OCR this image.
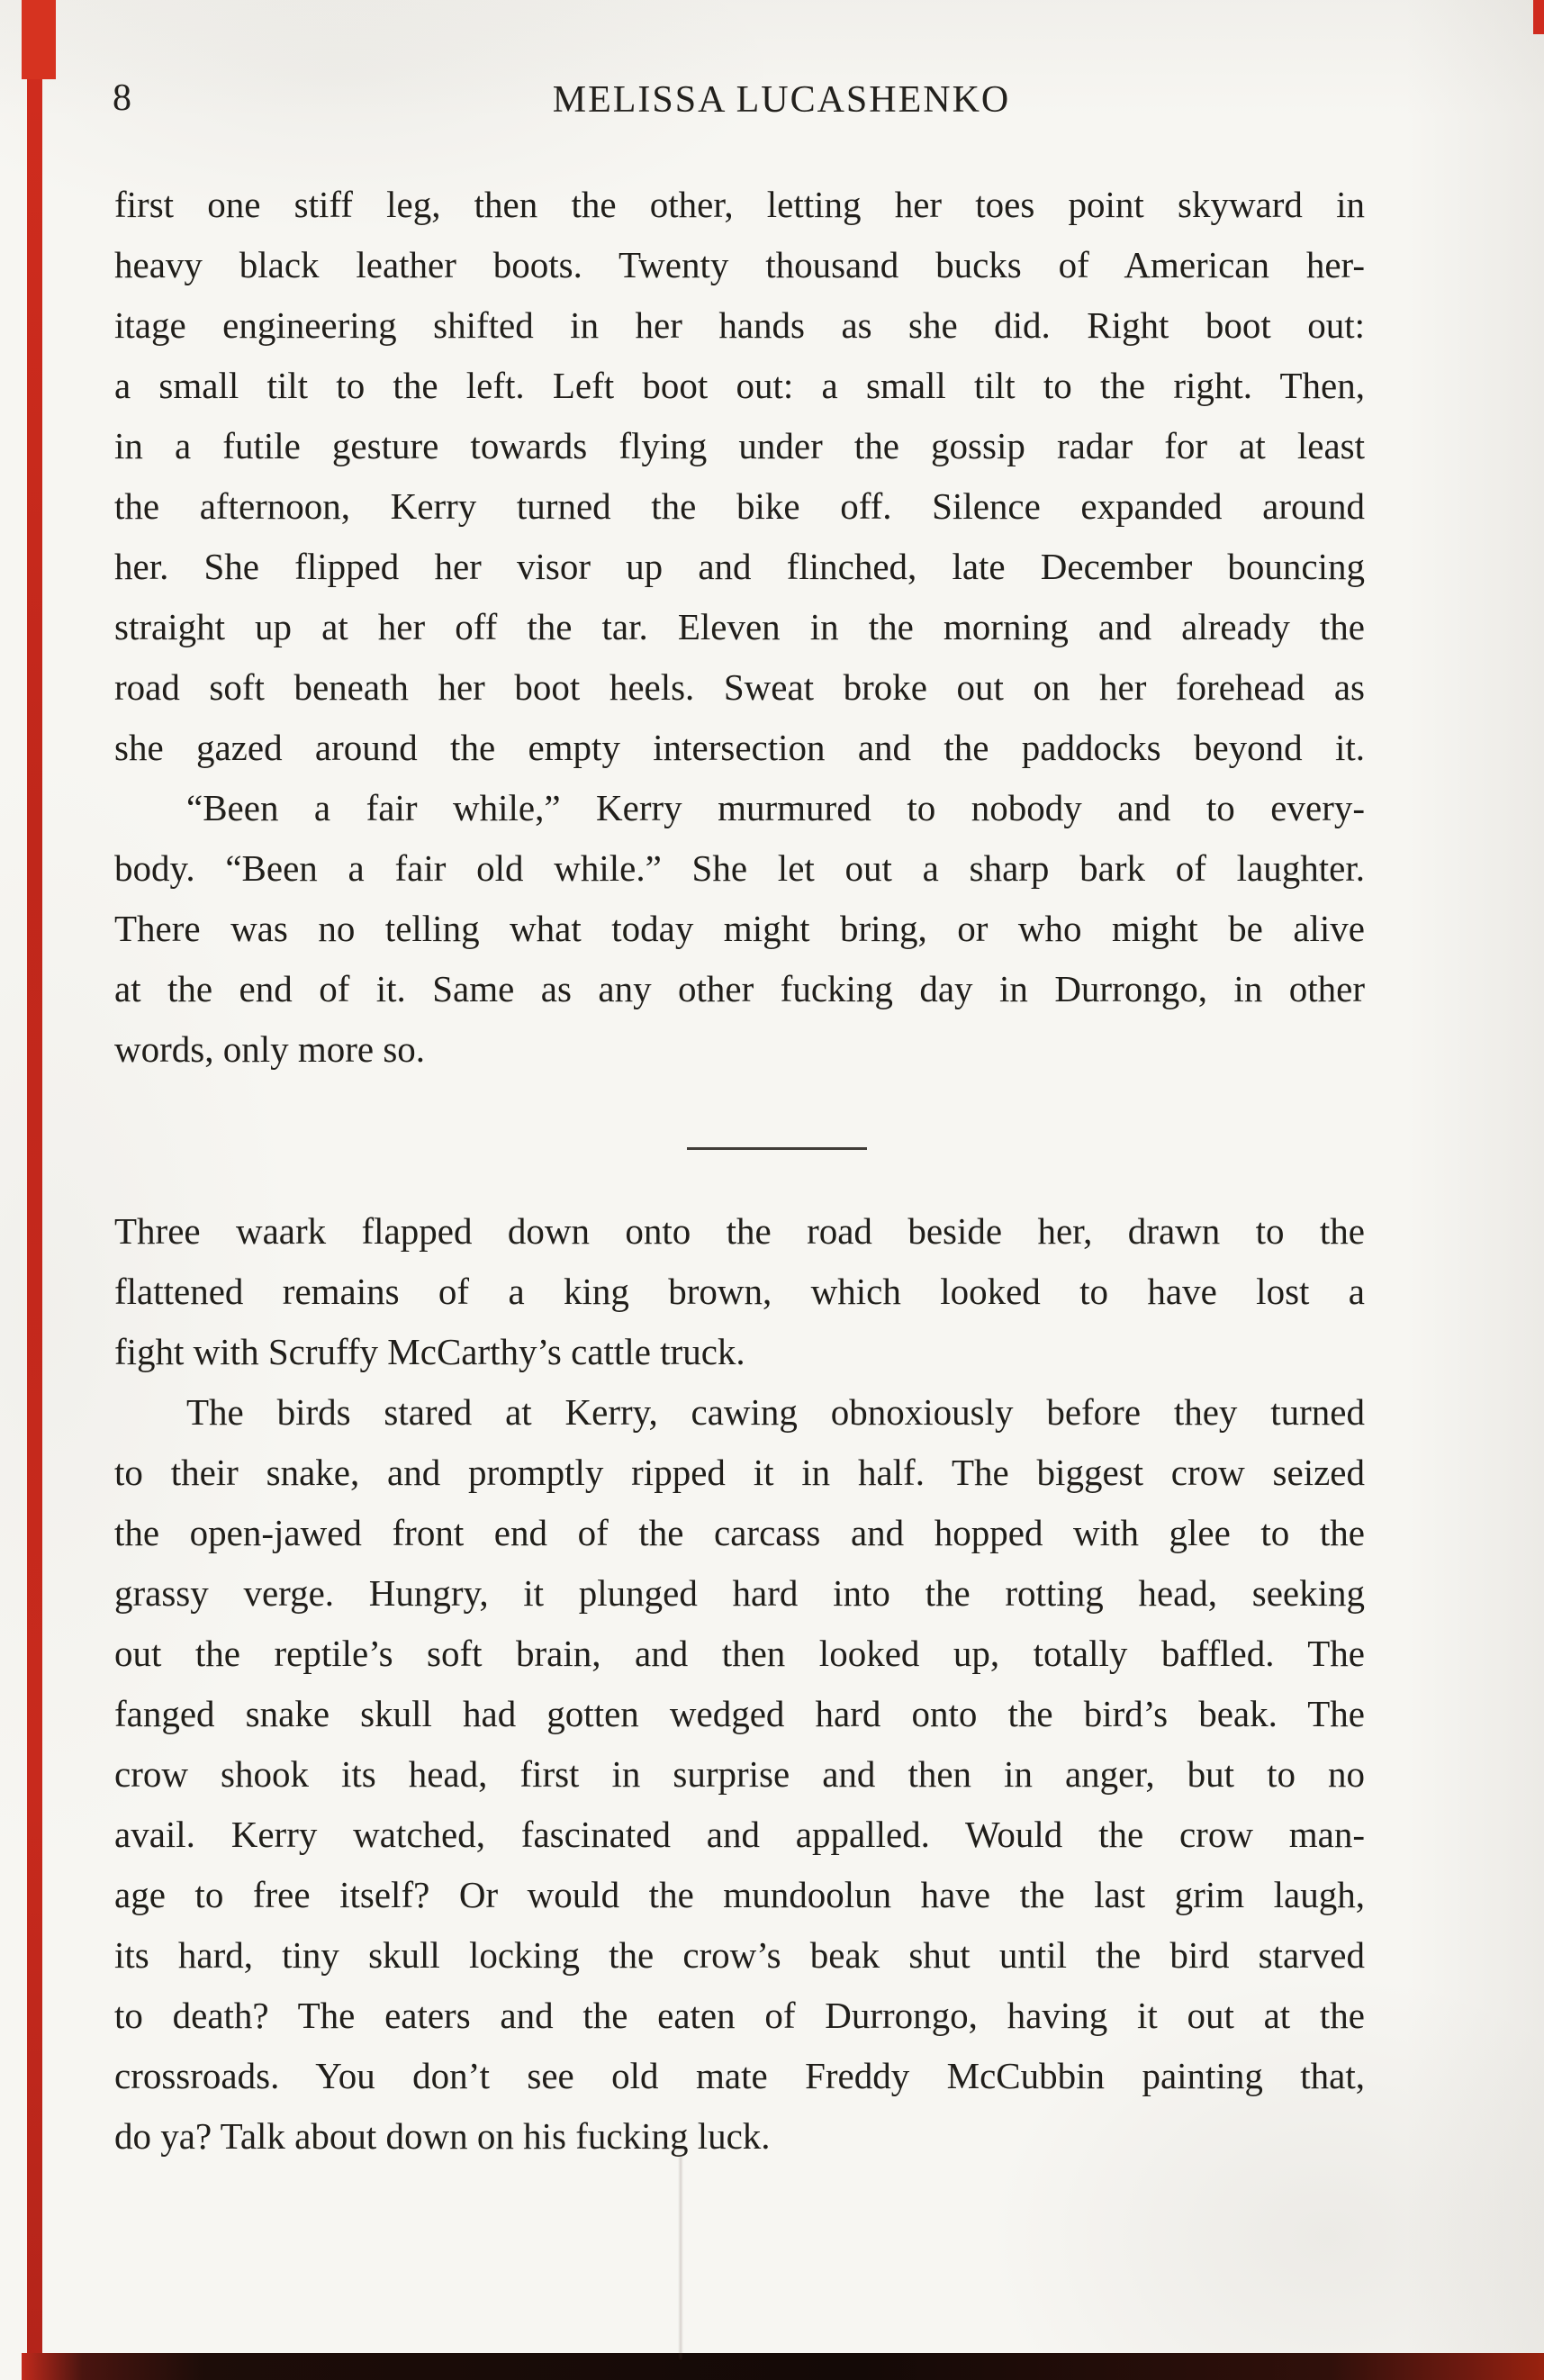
8	MELISSA LUCASHENKO
first one stiff leg, then the other, letting her toes point skyward in
heavy black leather boots. Twenty thousand bucks of American her-
itage engineering shifted in her hands as she did. Right boot out:
a small tilt to the left. Left boot out: a small tilt to the right. Then,
in a futile gesture towards flying under the gossip radar for at least
the afternoon, Kerry turned the bike off. Silence expanded around
her. She flipped her visor up and flinched, late December bouncing
straight up at her off the tar. Eleven in the morning and already the
road soft beneath her boot heels. Sweat broke out on her forehead as
she gazed around the empty intersection and the paddocks beyond it.
“Been a fair while,” Kerry murmured to nobody and to every-
body. “Been a fair old while.” She let out a sharp bark of laughter.
There was no telling what today might bring, or who might be alive
at the end of it. Same as any other fucking day in Durrongo, in other
words, only more so.
Three waark flapped down onto the road beside her, drawn to the
flattened remains of a king brown, which looked to have lost a
fight with Scruffy McCarthy’s cattle truck.
The birds stared at Kerry, cawing obnoxiously before they turned
to their snake, and promptly ripped it in half. The biggest crow seized
the open-jawed front end of the carcass and hopped with glee to the
grassy verge. Hungry, it plunged hard into the rotting head, seeking
out the reptile’s soft brain, and then looked up, totally baffled. The
fanged snake skull had gotten wedged hard onto the bird’s beak. The
crow shook its head, first in surprise and then in anger, but to no
avail. Kerry watched, fascinated and appalled. Would the crow man-
age to free itself? Or would the mundoolun have the last grim laugh,
its hard, tiny skull locking the crow’s beak shut until the bird starved
to death? The eaters and the eaten of Durrongo, having it out at the
crossroads. You don’t see old mate Freddy McCubbin painting that,
do ya? Talk about down on his fucking luck.
